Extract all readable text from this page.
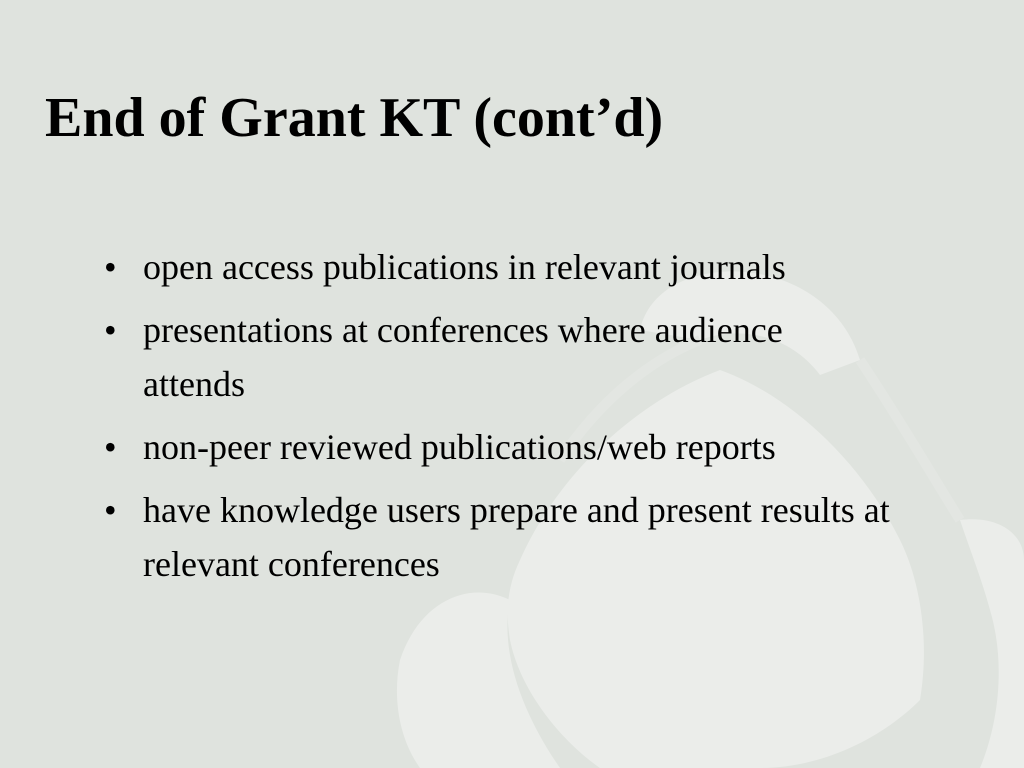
End of Grant KT (cont’d)
• open access publications in relevant journals
• presentations at conferences where audience  attends
• non-peer reviewed publications/web reports
• have knowledge users prepare and present results at relevant conferences
